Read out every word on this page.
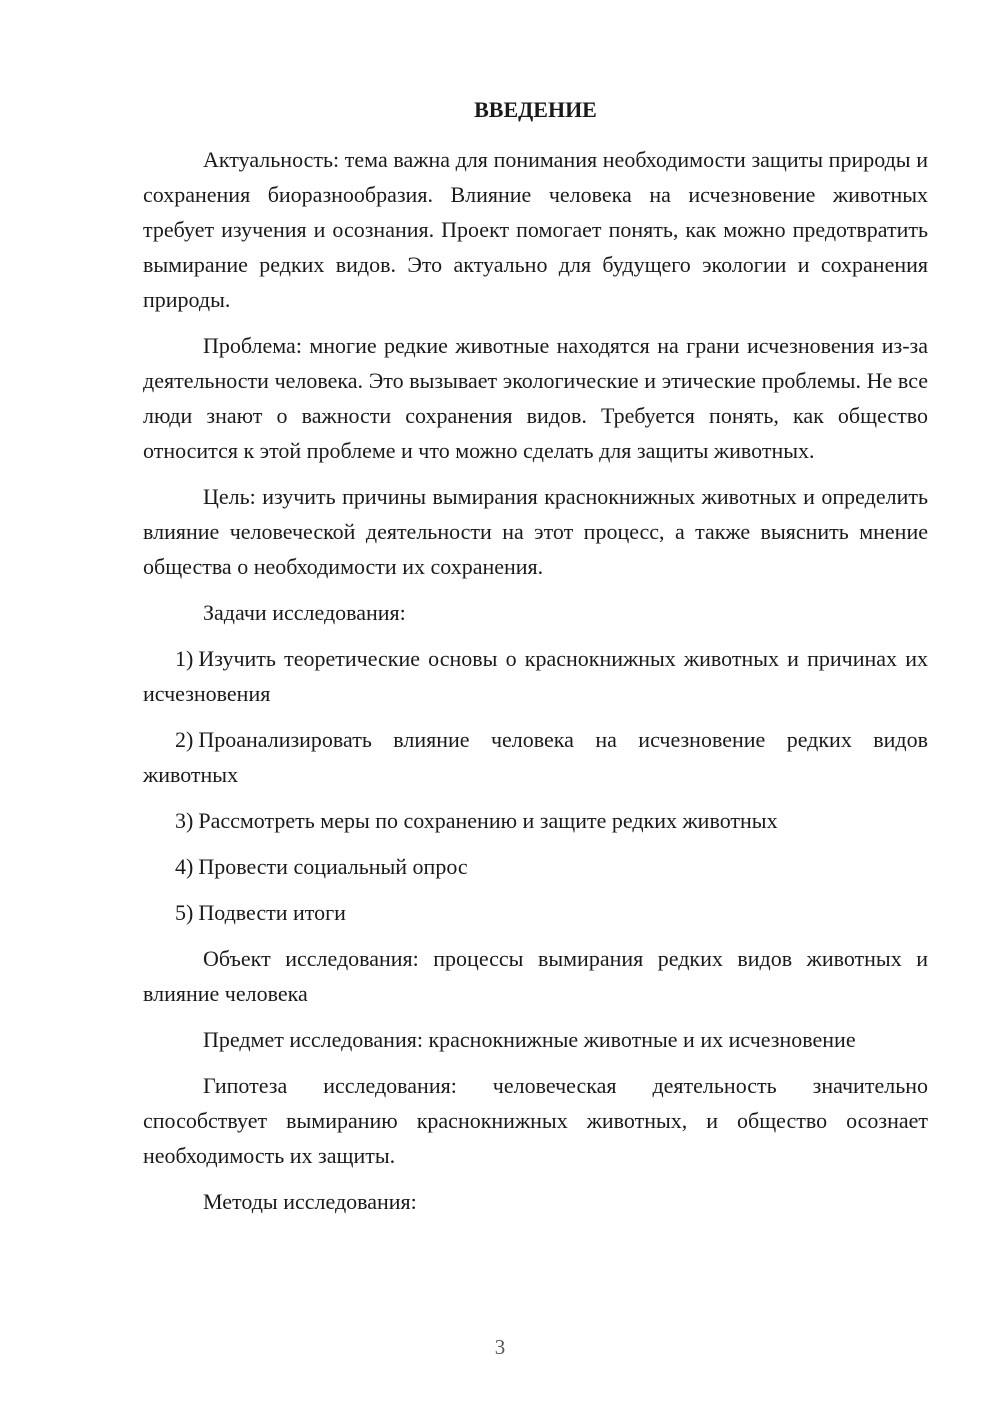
ВВЕДЕНИЕ

Актуальность: тема важна для понимания необходимости защиты природы и сохранения биоразнообразия. Влияние человека на исчезновение животных требует изучения и осознания. Проект помогает понять, как можно предотвратить вымирание редких видов. Это актуально для будущего экологии и сохранения природы.

Проблема: многие редкие животные находятся на грани исчезновения из-за деятельности человека. Это вызывает экологические и этические проблемы. Не все люди знают о важности сохранения видов. Требуется понять, как общество относится к этой проблеме и что можно сделать для защиты животных.

Цель: изучить причины вымирания краснокнижных животных и определить влияние человеческой деятельности на этот процесс, а также выяснить мнение общества о необходимости их сохранения.

Задачи исследования:

1) Изучить теоретические основы о краснокнижных животных и причинах их исчезновения

2) Проанализировать влияние человека на исчезновение редких видов животных

3) Рассмотреть меры по сохранению и защите редких животных

4) Провести социальный опрос

5) Подвести итоги

Объект исследования: процессы вымирания редких видов животных и влияние человека

Предмет исследования: краснокнижные животные и их исчезновение

Гипотеза исследования: человеческая деятельность значительно способствует вымиранию краснокнижных животных, и общество осознает необходимость их защиты.

Методы исследования:

3
